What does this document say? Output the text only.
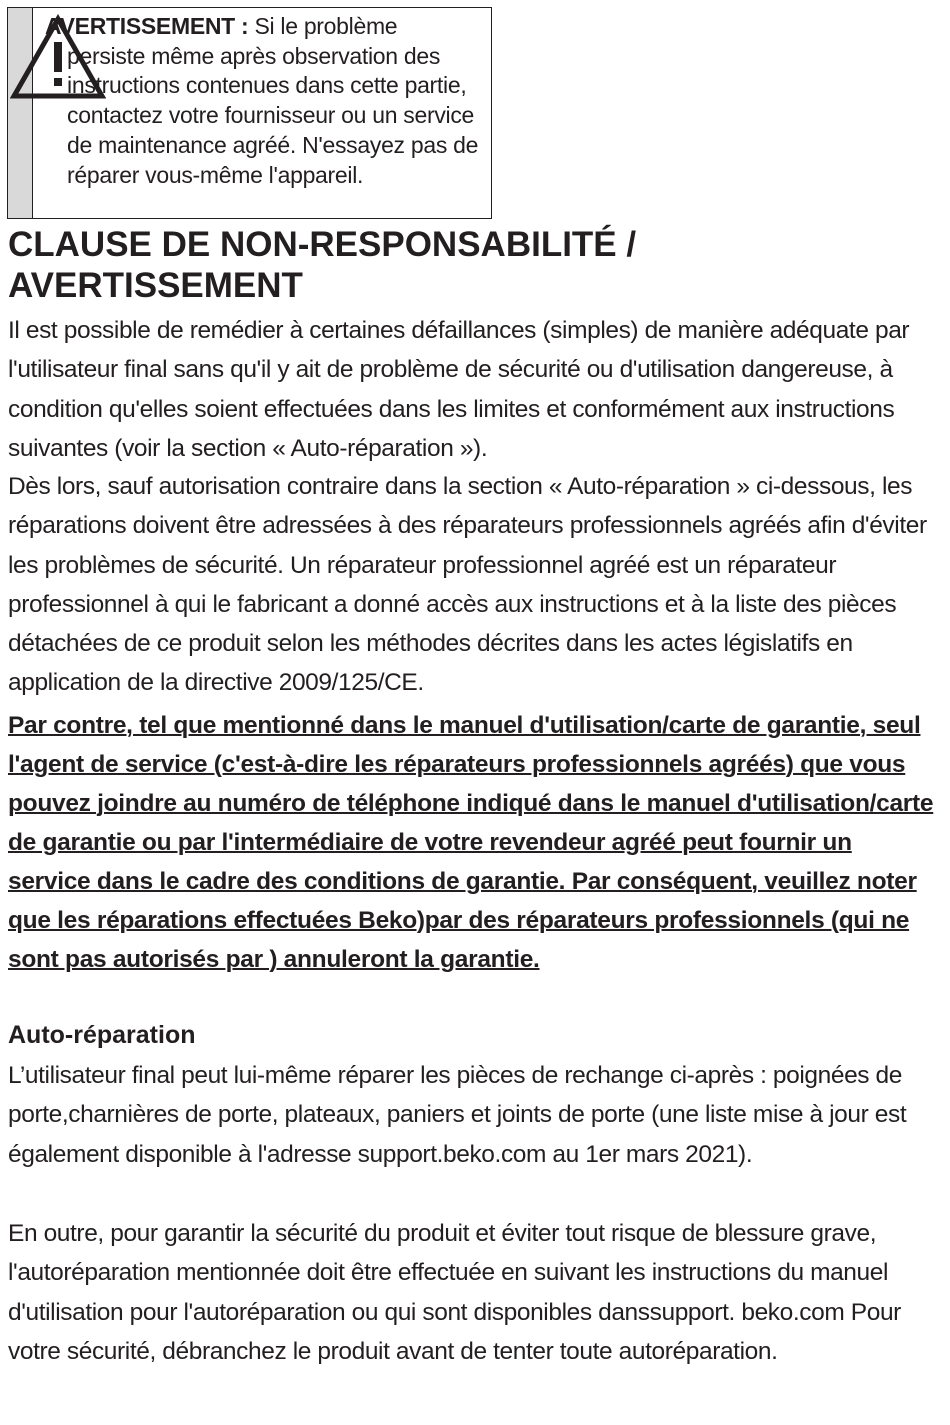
AVERTISSEMENT : Si le problème
persiste même après observation des instructions contenues dans cette partie, contactez votre fournisseur ou un service de maintenance agréé. N'essayez pas de réparer vous-même l'appareil.
CLAUSE DE NON-RESPONSABILITÉ / AVERTISSEMENT

Il est possible de remédier à certaines défaillances (simples) de manière adéquate par l'utilisateur final sans qu'il y ait de problème de sécurité ou d'utilisation dangereuse, à condition qu'elles soient effectuées dans les limites et conformément aux instructions suivantes (voir la section « Auto-réparation »).

Dès lors, sauf autorisation contraire dans la section « Auto-réparation » ci-dessous, les réparations doivent être adressées à des réparateurs professionnels agréés afin d'éviter les problèmes de sécurité. Un réparateur professionnel agréé est un réparateur professionnel à qui le fabricant a donné accès aux instructions et à la liste des pièces détachées de ce produit selon les méthodes décrites dans les actes législatifs en application de la directive 2009/125/CE.

Par contre, tel que mentionné dans le manuel d'utilisation/carte de garantie, seul l'agent de service (c'est-à-dire les réparateurs professionnels agréés) que vous pouvez joindre au numéro de téléphone indiqué dans le manuel d'utilisation/carte de garantie ou par l'intermédiaire de votre revendeur agréé peut fournir un service dans le cadre des conditions de garantie. Par conséquent, veuillez noter que les réparations effectuées Beko)par des réparateurs professionnels (qui ne sont pas autorisés par ) annuleront la garantie.

Auto-réparation

L’utilisateur final peut lui-même réparer les pièces de rechange ci-après : poignées de porte,charnières de porte, plateaux, paniers et joints de porte (une liste mise à jour est également disponible à l'adresse support.beko.com au 1er mars 2021).

En outre, pour garantir la sécurité du produit et éviter tout risque de blessure grave, l'autoréparation mentionnée doit être effectuée en suivant les instructions du manuel d'utilisation pour l'autoréparation ou qui sont disponibles danssupport. beko.com Pour votre sécurité, débranchez le produit avant de tenter toute autoréparation.
